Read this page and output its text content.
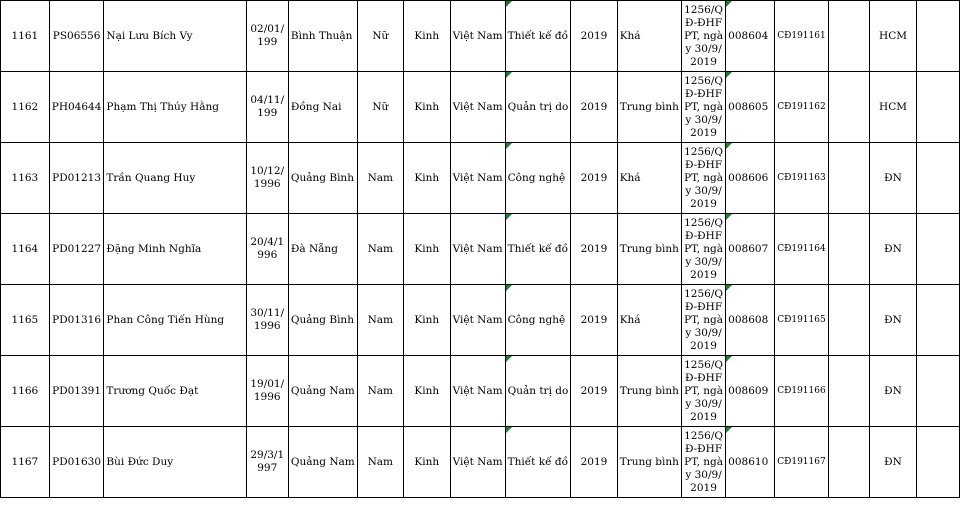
1161	PS06556	Nại Lưu Bích Vy	02/01/199	Bình Thuận	Nữ	Kinh	Việt Nam	Thiết kế đồ	2019	Khá	1256/QĐ-ĐHFPT, ngày 30/9/2019	008604	CĐ191161		HCM	
1162	PH04644	Phạm Thị Thúy Hằng	04/11/199	Đồng Nai	Nữ	Kinh	Việt Nam	Quản trị do	2019	Trung bình	1256/QĐ-ĐHFPT, ngày 30/9/2019	008605	CĐ191162		HCM	
1163	PD01213	Trần Quang Huy	10/12/1996	Quảng Bình	Nam	Kinh	Việt Nam	Công nghệ	2019	Khá	1256/QĐ-ĐHFPT, ngày 30/9/2019	008606	CĐ191163		ĐN	
1164	PD01227	Đặng Minh Nghĩa	20/4/1996	Đà Nẵng	Nam	Kinh	Việt Nam	Thiết kế đồ	2019	Trung bình	1256/QĐ-ĐHFPT, ngày 30/9/2019	008607	CĐ191164		ĐN	
1165	PD01316	Phan Công Tiến Hùng	30/11/1996	Quảng Bình	Nam	Kinh	Việt Nam	Công nghệ	2019	Khá	1256/QĐ-ĐHFPT, ngày 30/9/2019	008608	CĐ191165		ĐN	
1166	PD01391	Trương Quốc Đạt	19/01/1996	Quảng Nam	Nam	Kinh	Việt Nam	Quản trị do	2019	Trung bình	1256/QĐ-ĐHFPT, ngày 30/9/2019	008609	CĐ191166		ĐN	
1167	PD01630	Bùi Đức Duy	29/3/1997	Quảng Nam	Nam	Kinh	Việt Nam	Thiết kế đồ	2019	Trung bình	1256/QĐ-ĐHFPT, ngày 30/9/2019	008610	CĐ191167		ĐN	
